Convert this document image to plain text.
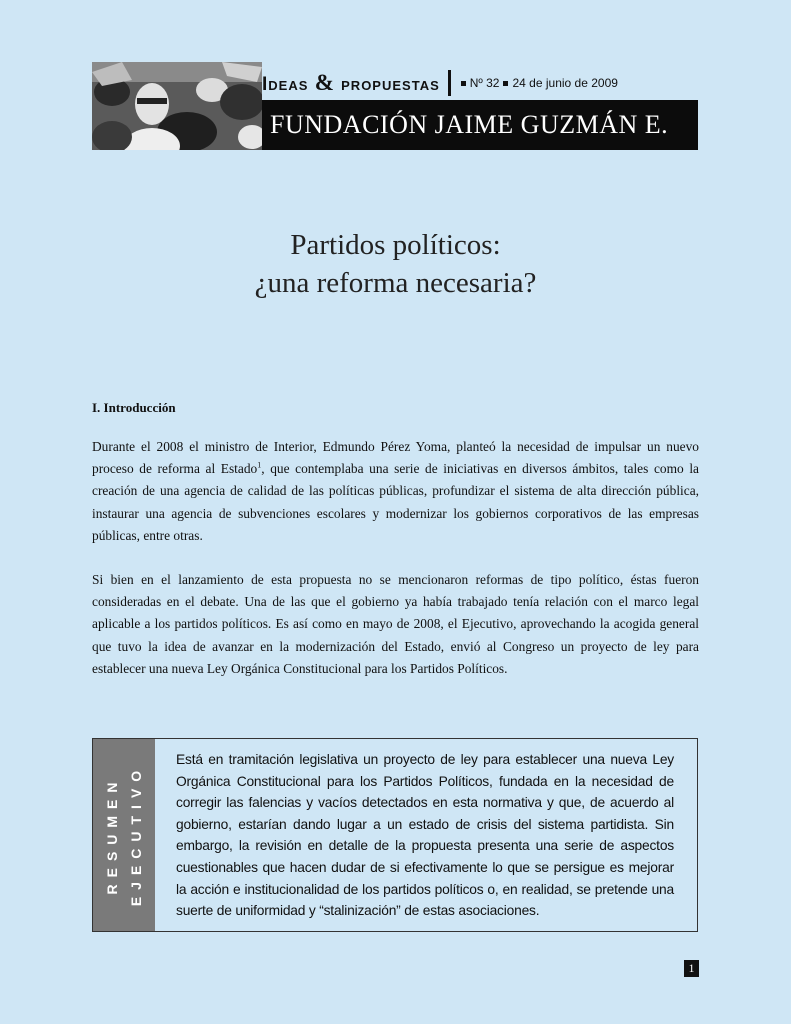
Ideas & propuestas	Nº 32 24 de junio de 2009
FUNDACIÓN JAIME GUZMÁN E.
Partidos políticos:
¿una reforma necesaria?
I. Introducción

Durante el 2008 el ministro de Interior, Edmundo Pérez Yoma, planteó la necesidad de impulsar un nuevo proceso de reforma al Estado$^1$, que contemplaba una serie de iniciativas en diversos ámbitos, tales como la creación de una agencia de calidad de las políticas públicas, profundizar el sistema de alta dirección pública, instaurar una agencia de subvenciones escolares y modernizar los gobiernos corporativos de las empresas públicas, entre otras.

Si bien en el lanzamiento de esta propuesta no se mencionaron reformas de tipo político, éstas fueron consideradas en el debate. Una de las que el gobierno ya había trabajado tenía relación con el marco legal aplicable a los partidos políticos. Es así como en mayo de 2008, el Ejecutivo, aprovechando la acogida general que tuvo la idea de avanzar en la modernización del Estado, envió al Congreso un proyecto de ley para establecer una nueva Ley Orgánica Constitucional para los Partidos Políticos.

RESUMEN EJECUTIVO
Está en tramitación legislativa un proyecto de ley para establecer una nueva Ley Orgánica Constitucional para los Partidos Políticos, fundada en la necesidad de corregir las falencias y vacíos detectados en esta normativa y que, de acuerdo al gobierno, estarían dando lugar a un estado de crisis del sistema partidista. Sin embargo, la revisión en detalle de la propuesta presenta una serie de aspectos cuestionables que hacen dudar de si efectivamente lo que se persigue es mejorar la acción e institucionalidad de los partidos políticos o, en realidad, se pretende una suerte de uniformidad y “stalinización” de estas asociaciones.
1
